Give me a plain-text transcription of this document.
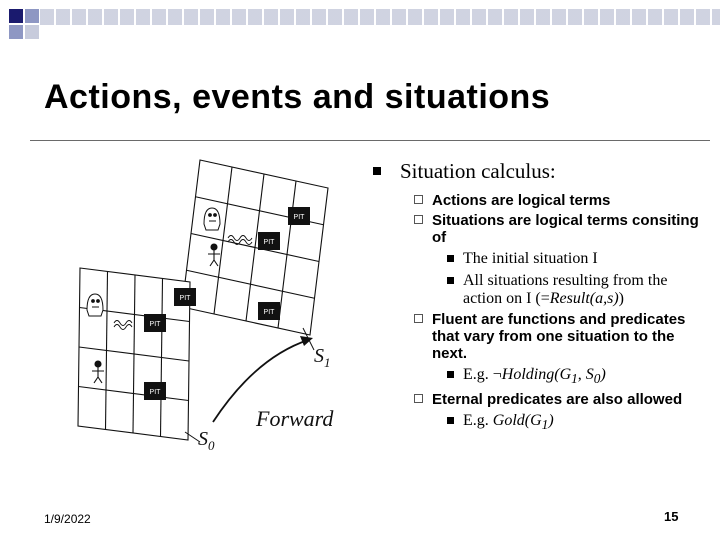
Actions, events and situations
PIT
PIT
PIT
PIT
PIT
PIT
$S_1$
$S_0$
Forward
Situation calculus:
Actions are logical terms
Situations are logical terms consiting of
The initial situation I
All situations resulting from the action on I (=Result(a,s))
Fluent are functions and predicates that vary from one situation to the next.
E.g. $\neg Holding(G_1$, $S_0$)
Eternal predicates are also allowed
E.g. $Gold(G_1)$
1/9/2022	15
